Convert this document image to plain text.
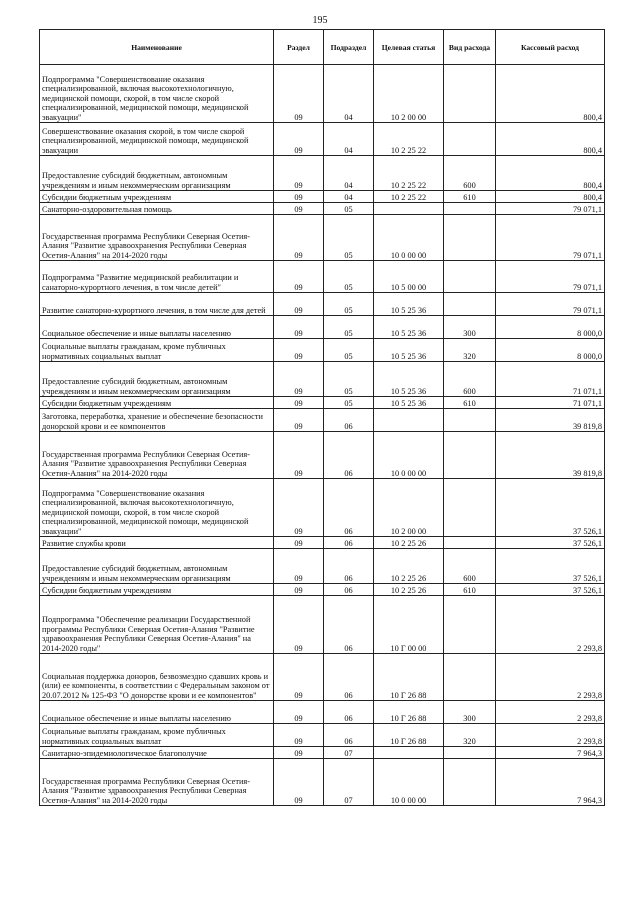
195
Наименование	Раздел	Подраздел	Целевая статья	Вид расхода	Кассовый расход
Подпрограмма "Совершенствование оказания специализированной, включая высокотехнологичную, медицинской помощи, скорой, в том числе скорой специализированной, медицинской помощи, медицинской эвакуации"	09	04	10 2 00 00		800,4
Совершенствование оказания скорой, в том числе скорой специализированной, медицинской помощи, медицинской эвакуации	09	04	10 2 25 22		800,4
Предоставление субсидий бюджетным, автономным учреждениям и иным некоммерческим организациям	09	04	10 2 25 22	600	800,4
Субсидии бюджетным учреждениям	09	04	10 2 25 22	610	800,4
Санаторно-оздоровительная помощь	09	05			79 071,1
Государственная программа Республики Северная Осетия-Алания "Развитие здравоохранения Республики Северная Осетия-Алания" на 2014-2020 годы	09	05	10 0 00 00		79 071,1
Подпрограмма "Развитие медицинской реабилитации и санаторно-курортного лечения, в том числе детей"	09	05	10 5 00 00		79 071,1
Развитие санаторно-курортного лечения, в том числе для детей	09	05	10 5 25 36		79 071,1
Социальное обеспечение и иные выплаты населению	09	05	10 5 25 36	300	8 000,0
Социальные выплаты гражданам, кроме публичных нормативных социальных выплат	09	05	10 5 25 36	320	8 000,0
Предоставление субсидий бюджетным, автономным учреждениям и иным некоммерческим организациям	09	05	10 5 25 36	600	71 071,1
Субсидии бюджетным учреждениям	09	05	10 5 25 36	610	71 071,1
Заготовка, переработка, хранение и обеспечение безопасности донорской крови и ее компонентов	09	06			39 819,8
Государственная программа Республики Северная Осетия-Алания "Развитие здравоохранения Республики Северная Осетия-Алания" на 2014-2020 годы	09	06	10 0 00 00		39 819,8
Подпрограмма "Совершенствование оказания специализированной, включая высокотехнологичную, медицинской помощи, скорой, в том числе скорой специализированной, медицинской помощи, медицинской эвакуации"	09	06	10 2 00 00		37 526,1
Развитие службы крови	09	06	10 2 25 26		37 526,1
Предоставление субсидий бюджетным, автономным учреждениям и иным некоммерческим организациям	09	06	10 2 25 26	600	37 526,1
Субсидии бюджетным учреждениям	09	06	10 2 25 26	610	37 526,1
Подпрограмма "Обеспечение реализации Государственной программы Республики Северная Осетия-Алания "Развитие здравоохранения Республики Северная Осетия-Алания" на 2014-2020 годы"	09	06	10 Г 00 00		2 293,8
Социальная поддержка доноров, безвозмездно сдавших кровь и (или) ее компоненты, в соответствии с Федеральным законом от 20.07.2012 № 125-ФЗ "О донорстве крови и ее компонентов"	09	06	10 Г 26 88		2 293,8
Социальное обеспечение и иные выплаты населению	09	06	10 Г 26 88	300	2 293,8
Социальные выплаты гражданам, кроме публичных нормативных социальных выплат	09	06	10 Г 26 88	320	2 293,8
Санитарно-эпидемиологическое благополучие	09	07			7 964,3
Государственная программа Республики Северная Осетия-Алания "Развитие здравоохранения Республики Северная Осетия-Алания" на 2014-2020 годы	09	07	10 0 00 00		7 964,3
